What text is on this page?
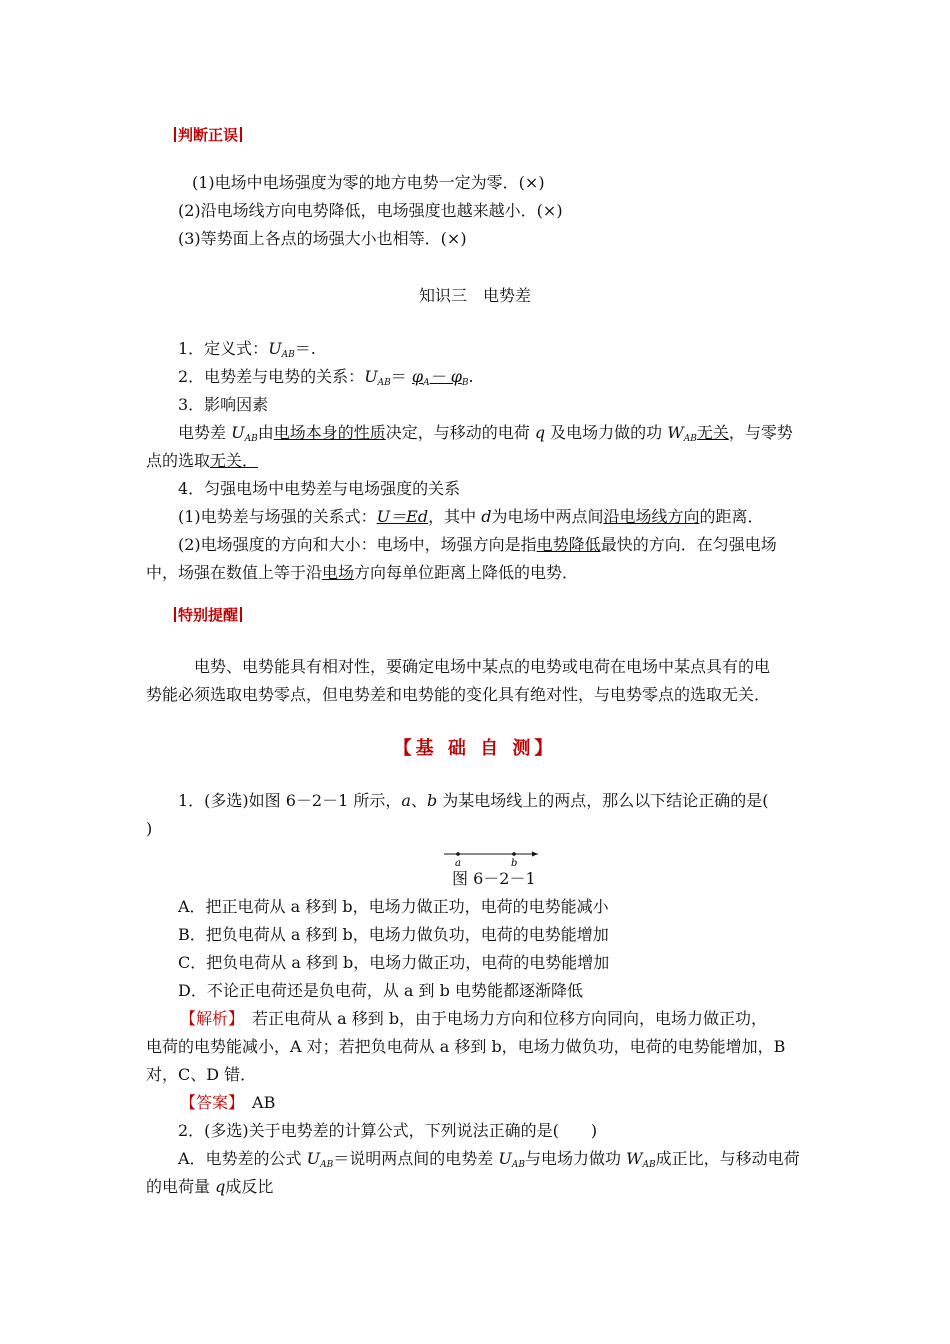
判断正误
(1)电场中电场强度为零的地方电势一定为零．(×)
(2)沿电场线方向电势降低，电场强度也越来越小．(×)
(3)等势面上各点的场强大小也相等．(×)
知识三　电势差
1．定义式：$U_{AB}=$.
2．电势差与电势的关系：$U_{AB}= \varphi_A- \varphi_B$.
3．影响因素
电势差 $U_{AB}$由电场本身的性质决定，与移动的电荷 q 及电场力做的功 $W_{AB}$无关，与零势
点的选取无关．
4．匀强电场中电势差与电场强度的关系
(1)电势差与场强的关系式：U＝Ed，其中 d为电场中两点间沿电场线方向的距离．
(2)电场强度的方向和大小：电场中，场强方向是指电势降低最快的方向．在匀强电场
中，场强在数值上等于沿电场方向每单位距离上降低的电势．
特别提醒
电势、电势能具有相对性，要确定电场中某点的电势或电荷在电场中某点具有的电
势能必须选取电势零点，但电势差和电势能的变化具有绝对性，与电势零点的选取无关．
【基 础 自 测】
1．(多选)如图 6－2－1 所示，a、b 为某电场线上的两点，那么以下结论正确的是(
)
a	b
图 6－2－1
A．把正电荷从 a 移到 b，电场力做正功，电荷的电势能减小
B．把负电荷从 a 移到 b，电场力做负功，电荷的电势能增加
C．把负电荷从 a 移到 b，电场力做正功，电荷的电势能增加
D．不论正电荷还是负电荷，从 a 到 b 电势能都逐渐降低
【解析】　若正电荷从 a 移到 b，由于电场力方向和位移方向同向，电场力做正功，
电荷的电势能减小，A 对；若把负电荷从 a 移到 b，电场力做负功，电荷的电势能增加，B
对，C、D 错．
【答案】　AB
2．(多选)关于电势差的计算公式，下列说法正确的是(　　)
A．电势差的公式 $U_{AB}=$说明两点间的电势差 $U_{AB}$与电场力做功 $W_{AB}$成正比，与移动电荷
的电荷量 q成反比
